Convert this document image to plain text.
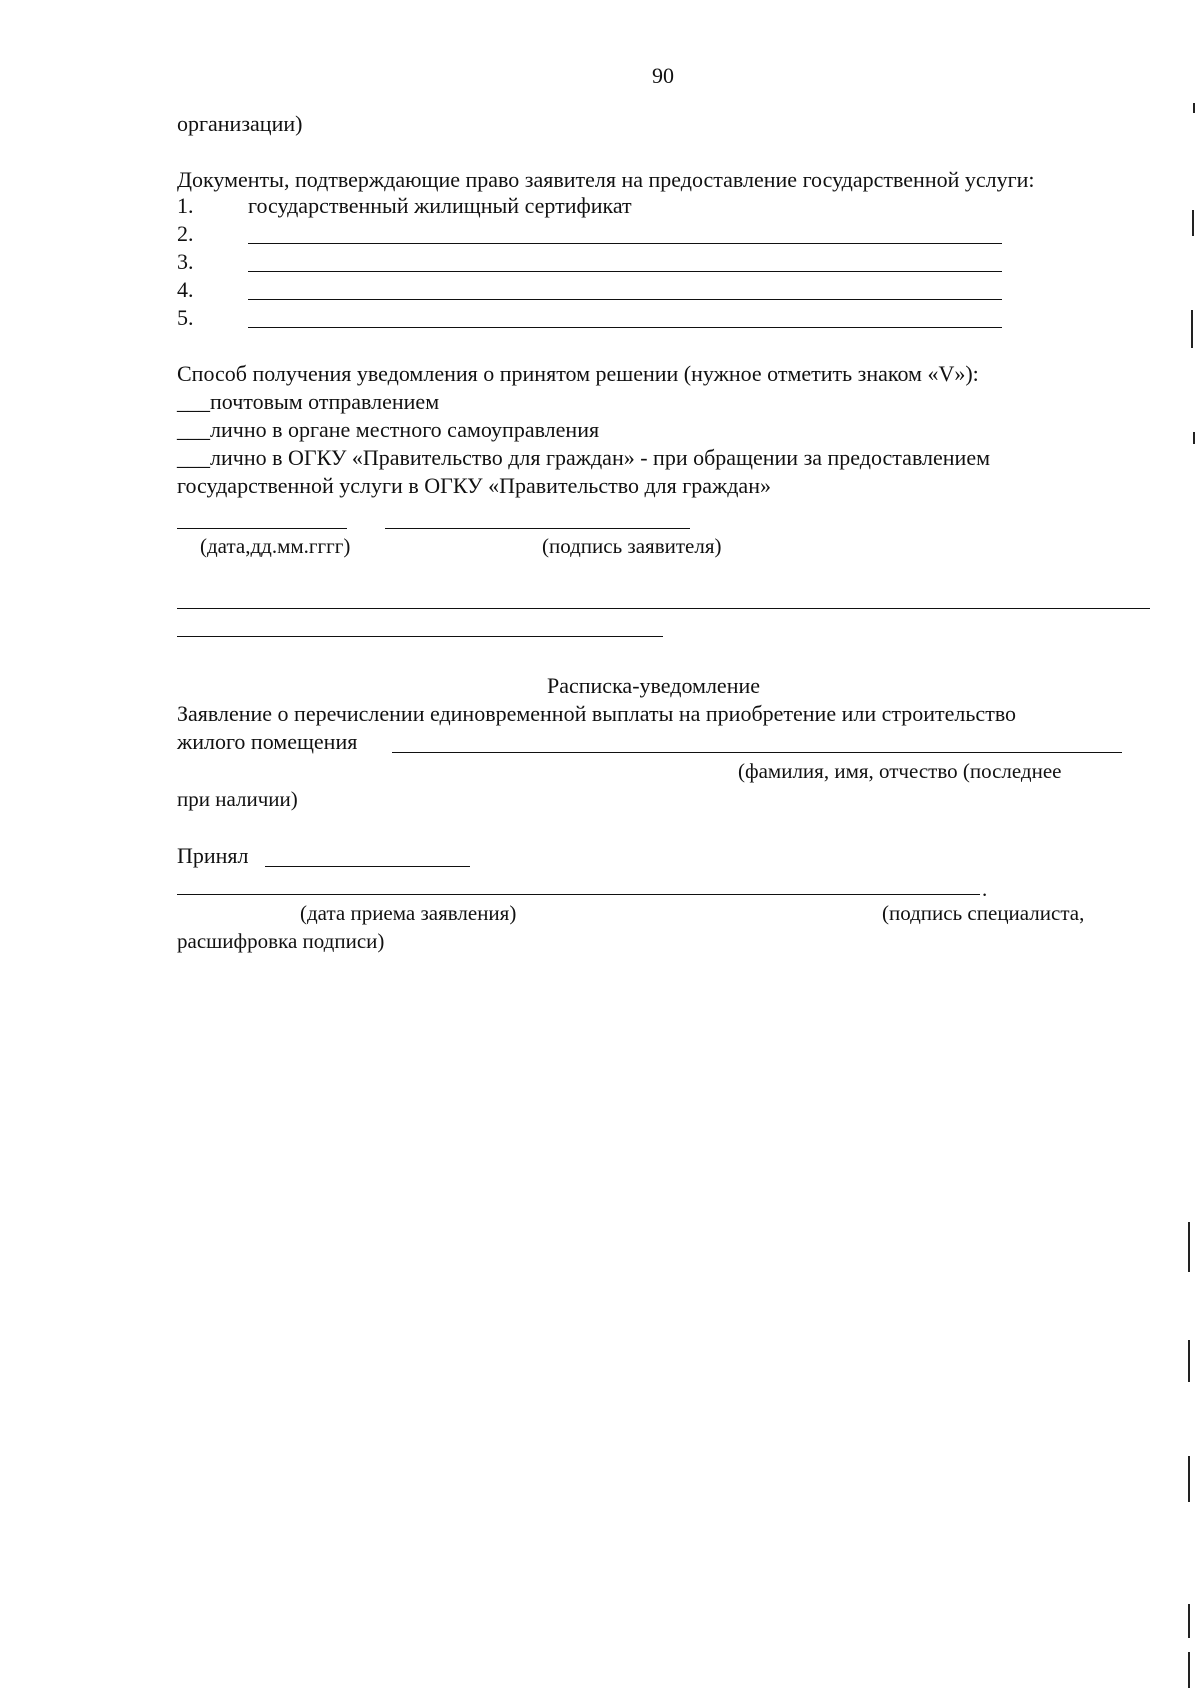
90
организации)
Документы, подтверждающие право заявителя на предоставление государственной услуги:
1. государственный жилищный сертификат
2.
3.
4.
5.
Способ получения уведомления о принятом решении (нужное отметить знаком «V»):
___почтовым отправлением
___лично в органе местного самоуправления
___лично в ОГКУ «Правительство для граждан» - при обращении за предоставлением
государственной услуги в ОГКУ «Правительство для граждан»
(дата,дд.мм.гггг)	(подпись заявителя)
Расписка-уведомление
Заявление о перечислении единовременной выплаты на приобретение или строительство
жилого помещения
(фамилия, имя, отчество (последнее
при наличии)
Принял
.
(дата приема заявления)	(подпись специалиста,
расшифровка подписи)
